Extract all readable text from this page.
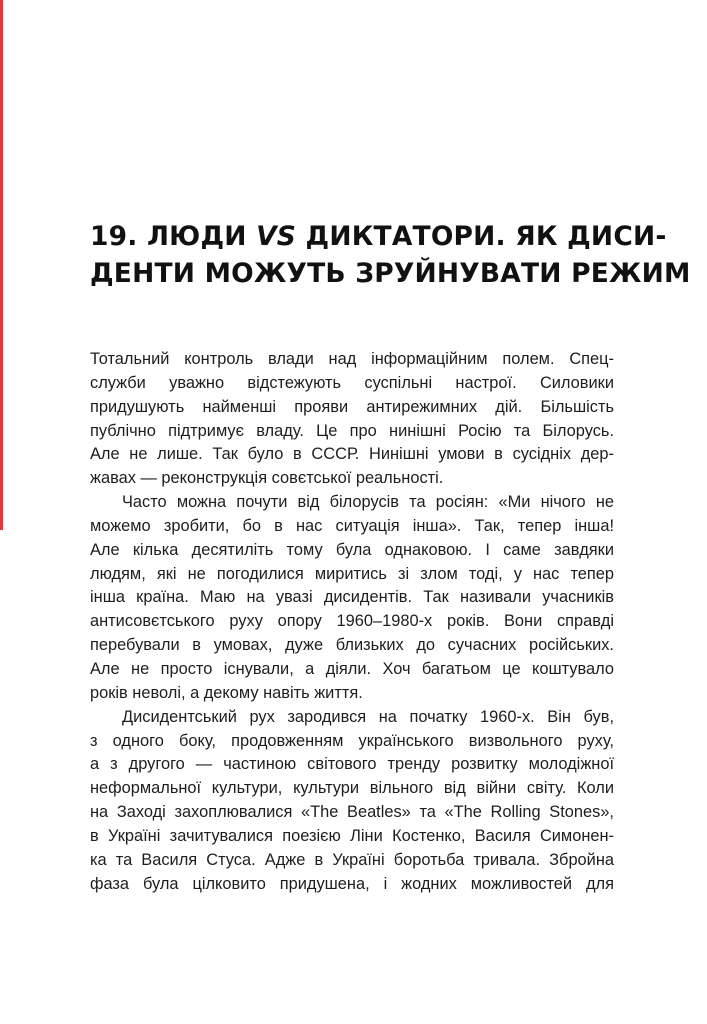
19. ЛЮДИ VS ДИКТАТОРИ. ЯК ДИСИ-
ДЕНТИ МОЖУТЬ ЗРУЙНУВАТИ РЕЖИМ
Тотальний контроль влади над інформаційним полем. Спец-
служби уважно відстежують суспільні настрої. Силовики
придушують найменші прояви антирежимних дій. Більшість
публічно підтримує владу. Це про нинішні Росію та Білорусь.
Але не лише. Так було в СССР. Нинішні умови в сусідніх дер-
жавах — реконструкція совєтської реальності.
Часто можна почути від білорусів та росіян: «Ми нічого не
можемо зробити, бо в нас ситуація інша». Так, тепер інша!
Але кілька десятиліть тому була однаковою. І саме завдяки
людям, які не погодилися миритись зі злом тоді, у нас тепер
інша країна. Маю на увазі дисидентів. Так називали учасників
антисовєтського руху опору 1960–1980-х років. Вони справді
перебували в умовах, дуже близьких до сучасних російських.
Але не просто існували, а діяли. Хоч багатьом це коштувало
років неволі, а декому навіть життя.
Дисидентський рух зародився на початку 1960-х. Він був,
з одного боку, продовженням українського визвольного руху,
а з другого — частиною світового тренду розвитку молодіжної
неформальної культури, культури вільного від війни світу. Коли
на Заході захоплювалися «The Beatles» та «The Rolling Stones»,
в Україні зачитувалися поезією Ліни Костенко, Василя Симонен-
ка та Василя Стуса. Адже в Україні боротьба тривала. Збройна
фаза була цілковито придушена, і жодних можливостей для
